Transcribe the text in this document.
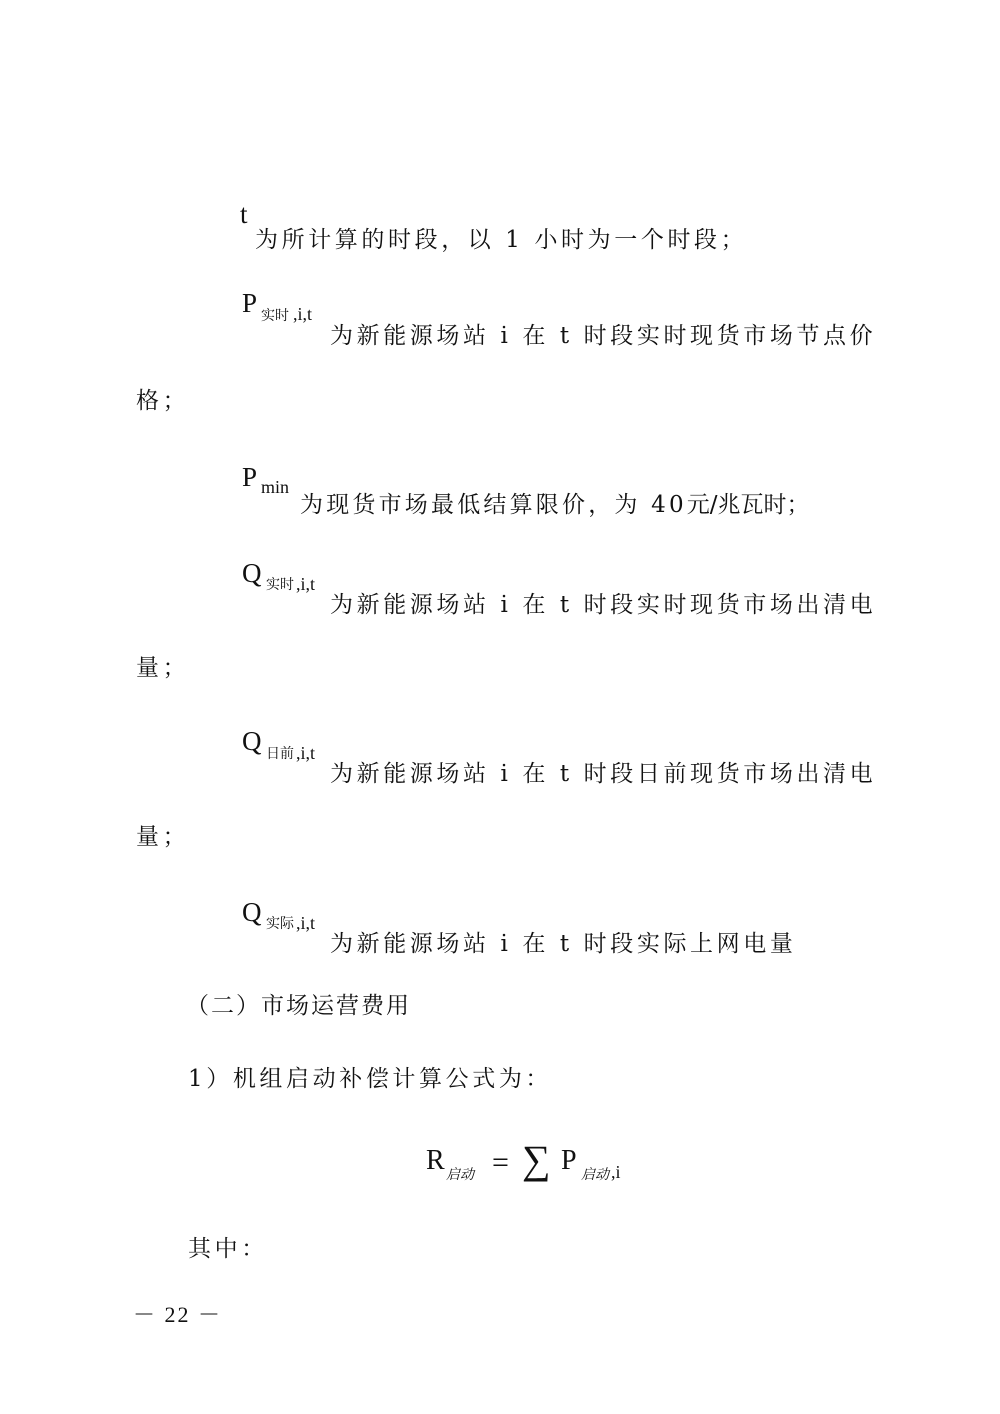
t
为所计算的时段，以 1 小时为一个时段；
P 实时 ,i,t
为新能源场站 i 在 t 时段实时现货市场节点价
格；
P min
为现货市场最低结算限价，为 40元/兆瓦时；
Q 实时 ,i,t
为新能源场站 i 在 t 时段实时现货市场出清电
量；
Q 日前 ,i,t
为新能源场站 i 在 t 时段日前现货市场出清电
量；
Q 实际 ,i,t
为新能源场站 i 在 t 时段实际上网电量
（二）市场运营费用
1）机组启动补偿计算公式为：
R 启动 = ∑ P 启动 ,i
其中：
－ 22 －
